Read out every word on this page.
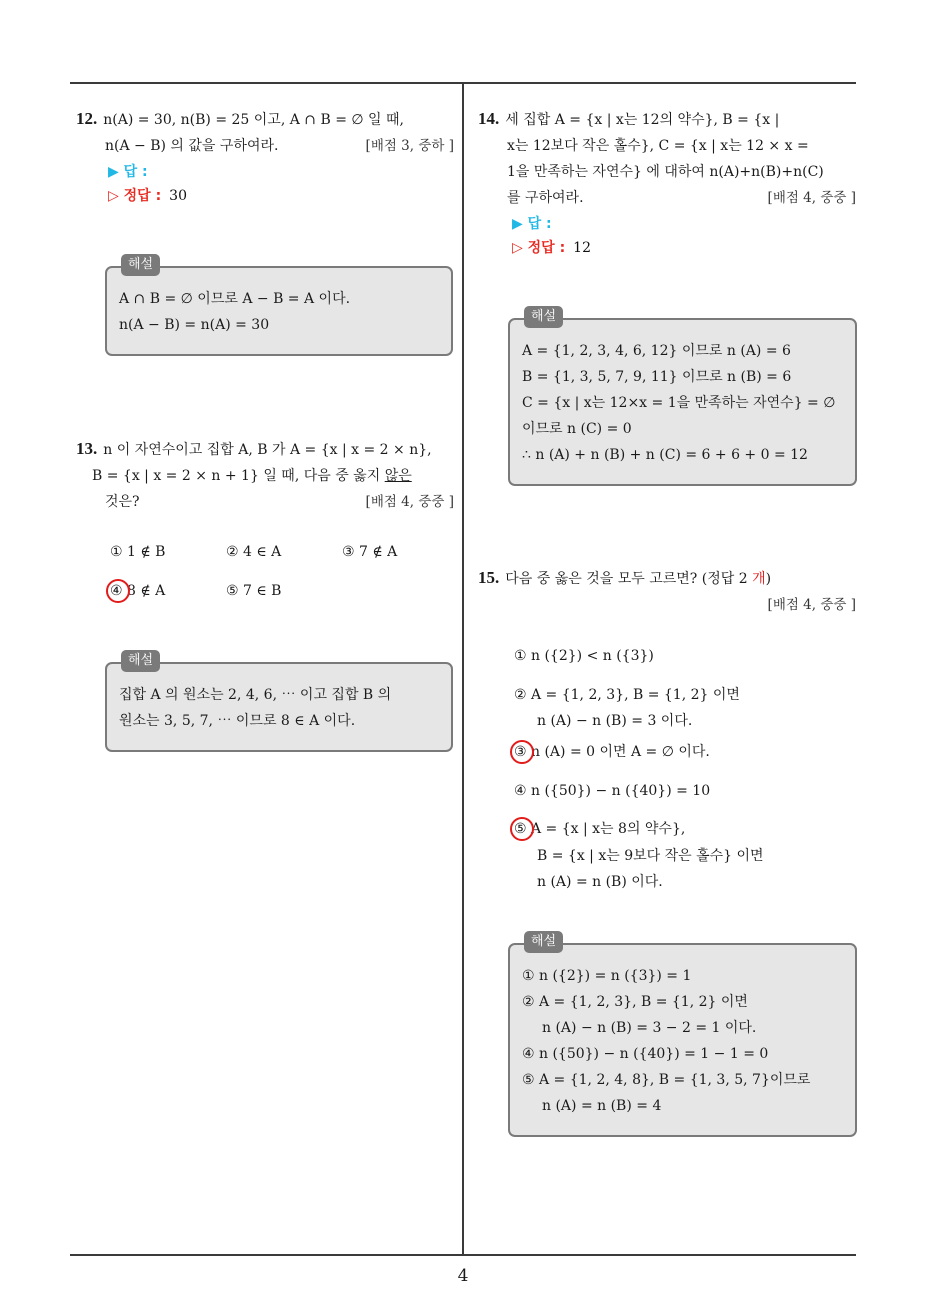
12. n(A) = 30, n(B) = 25 이고, A ∩ B = ∅ 일 때,
n(A − B) 의 값을 구하여라.	[배점 3, 중하 ]
▶ 답 :
▷ 정답 : 30
해설
A ∩ B = ∅ 이므로 A − B = A 이다.
n(A − B) = n(A) = 30
13. n 이 자연수이고 집합 A, B 가 A = {x | x = 2 × n},
B = {x | x = 2 × n + 1} 일 때, 다음 중 옳지 않은
것은?	[배점 4, 중중 ]
① 1 ∉ B	② 4 ∈ A	③ 7 ∉ A
④ 8 ∉ A	⑤ 7 ∈ B
해설
집합 A 의 원소는 2, 4, 6, ⋯ 이고 집합 B 의
원소는 3, 5, 7, ⋯ 이므로 8 ∈ A 이다.
14. 세 집합 A = {x | x는 12의 약수}, B = {x |
x는 12보다 작은 홀수}, C = {x | x는 12 × x =
1을 만족하는 자연수} 에 대하여 n(A)+n(B)+n(C)
를 구하여라.	[배점 4, 중중 ]
▶ 답 :
▷ 정답 : 12
해설
A = {1, 2, 3, 4, 6, 12} 이므로 n (A) = 6
B = {1, 3, 5, 7, 9, 11} 이므로 n (B) = 6
C = {x | x는 12×x = 1을 만족하는 자연수} = ∅
이므로 n (C) = 0
∴ n (A) + n (B) + n (C) = 6 + 6 + 0 = 12
15. 다음 중 옳은 것을 모두 고르면? (정답 2 개)
[배점 4, 중중 ]
① n ({2}) < n ({3})
② A = {1, 2, 3}, B = {1, 2} 이면
n (A) − n (B) = 3 이다.
③ n (A) = 0 이면 A = ∅ 이다.
④ n ({50}) − n ({40}) = 10
⑤ A = {x | x는 8의 약수},
B = {x | x는 9보다 작은 홀수} 이면
n (A) = n (B) 이다.
해설
① n ({2}) = n ({3}) = 1
② A = {1, 2, 3}, B = {1, 2} 이면
n (A) − n (B) = 3 − 2 = 1 이다.
④ n ({50}) − n ({40}) = 1 − 1 = 0
⑤ A = {1, 2, 4, 8}, B = {1, 3, 5, 7}이므로
n (A) = n (B) = 4
4
